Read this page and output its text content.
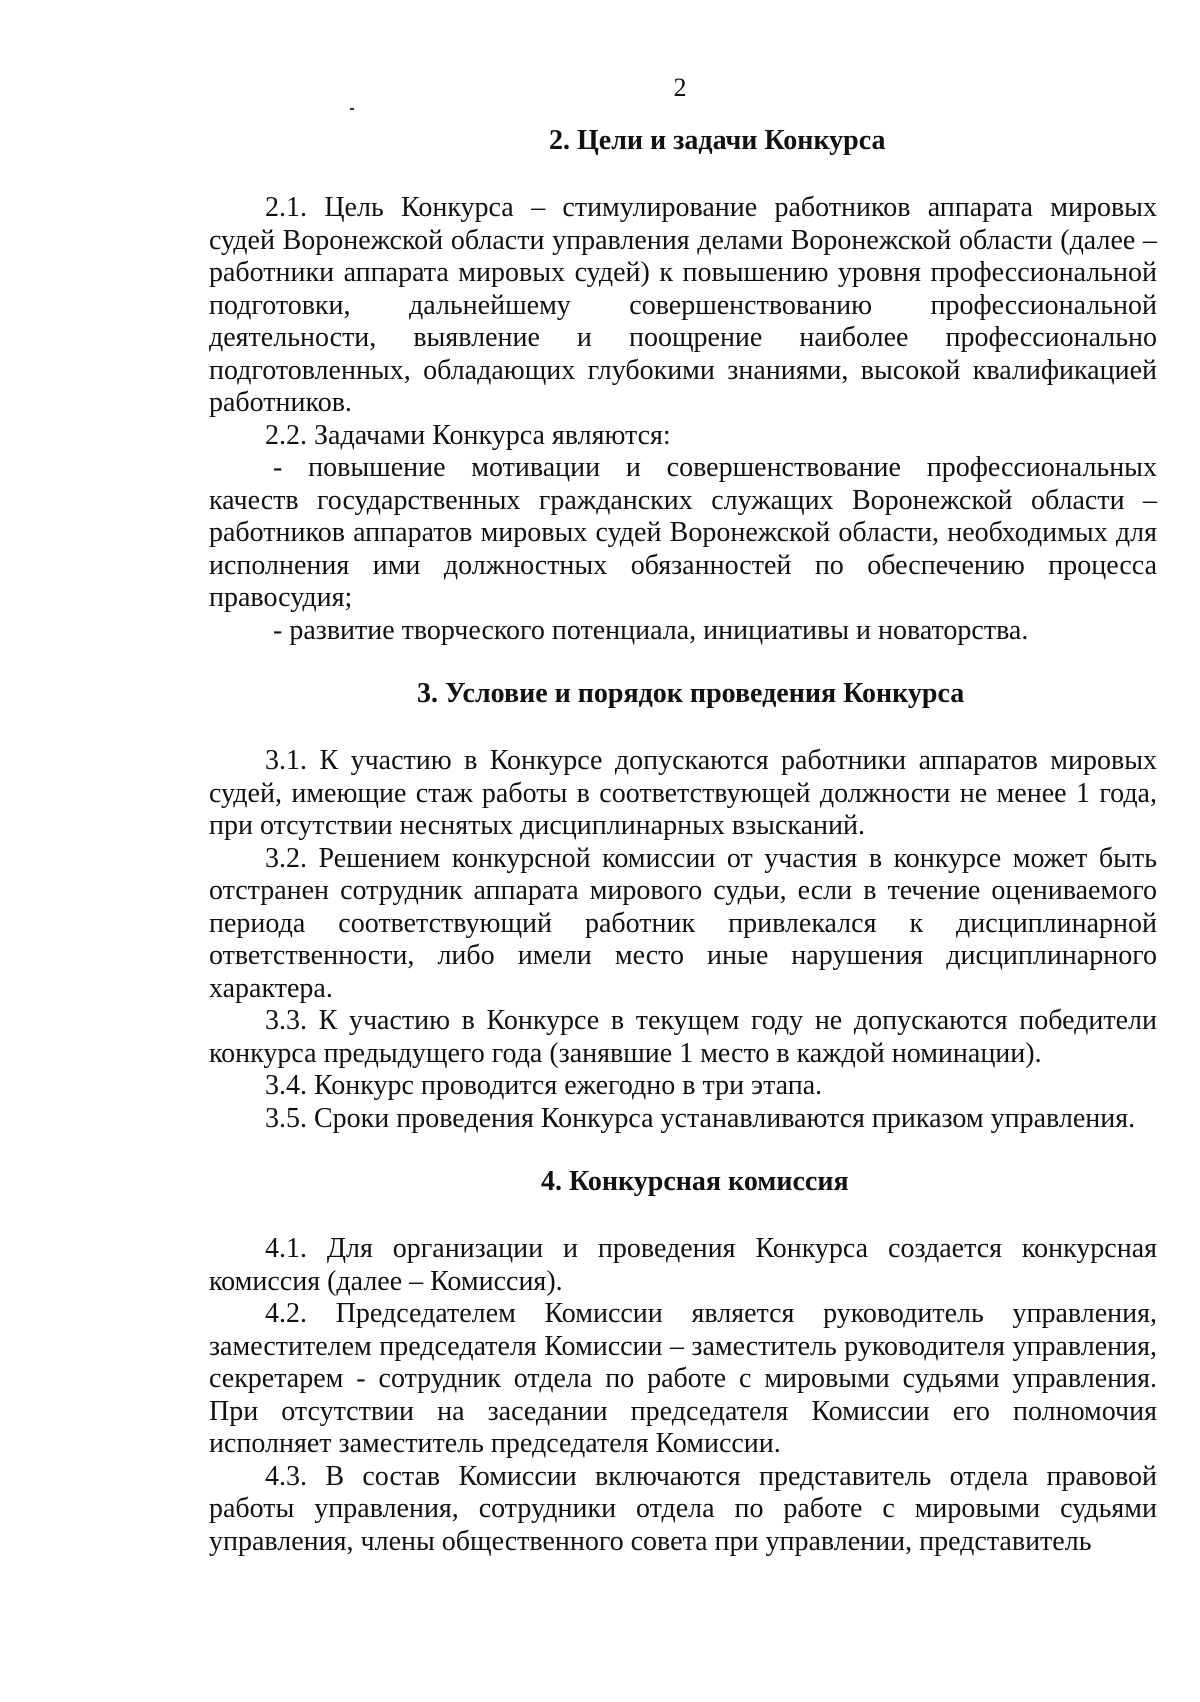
2
2. Цели и задачи Конкурса

2.1. Цель Конкурса – стимулирование работников аппарата мировых судей Воронежской области управления делами Воронежской области (далее – работники аппарата мировых судей) к повышению уровня профессиональной подготовки, дальнейшему совершенствованию профессиональной деятельности, выявление и поощрение наиболее профессионально подготовленных, обладающих глубокими знаниями, высокой квалификацией работников.

2.2. Задачами Конкурса являются:

- повышение мотивации и совершенствование профессиональных качеств государственных гражданских служащих Воронежской области – работников аппаратов мировых судей Воронежской области, необходимых для исполнения ими должностных обязанностей по обеспечению процесса правосудия;

- развитие творческого потенциала, инициативы и новаторства.

3. Условие и порядок проведения Конкурса

3.1. К участию в Конкурсе допускаются работники аппаратов мировых судей, имеющие стаж работы в соответствующей должности не менее 1 года, при отсутствии неснятых дисциплинарных взысканий.

3.2. Решением конкурсной комиссии от участия в конкурсе может быть отстранен сотрудник аппарата мирового судьи, если в течение оцениваемого периода соответствующий работник привлекался к дисциплинарной ответственности, либо имели место иные нарушения дисциплинарного характера.

3.3. К участию в Конкурсе в текущем году не допускаются победители конкурса предыдущего года (занявшие 1 место в каждой номинации).

3.4. Конкурс проводится ежегодно в три этапа.

3.5. Сроки проведения Конкурса устанавливаются приказом управления.

4. Конкурсная комиссия

4.1. Для организации и проведения Конкурса создается конкурсная комиссия (далее – Комиссия).

4.2. Председателем Комиссии является руководитель управления, заместителем председателя Комиссии – заместитель руководителя управления, секретарем - сотрудник отдела по работе с мировыми судьями управления. При отсутствии на заседании председателя Комиссии его полномочия исполняет заместитель председателя Комиссии.

4.3. В состав Комиссии включаются представитель отдела правовой работы управления, сотрудники отдела по работе с мировыми судьями управления, члены общественного совета при управлении, представитель
